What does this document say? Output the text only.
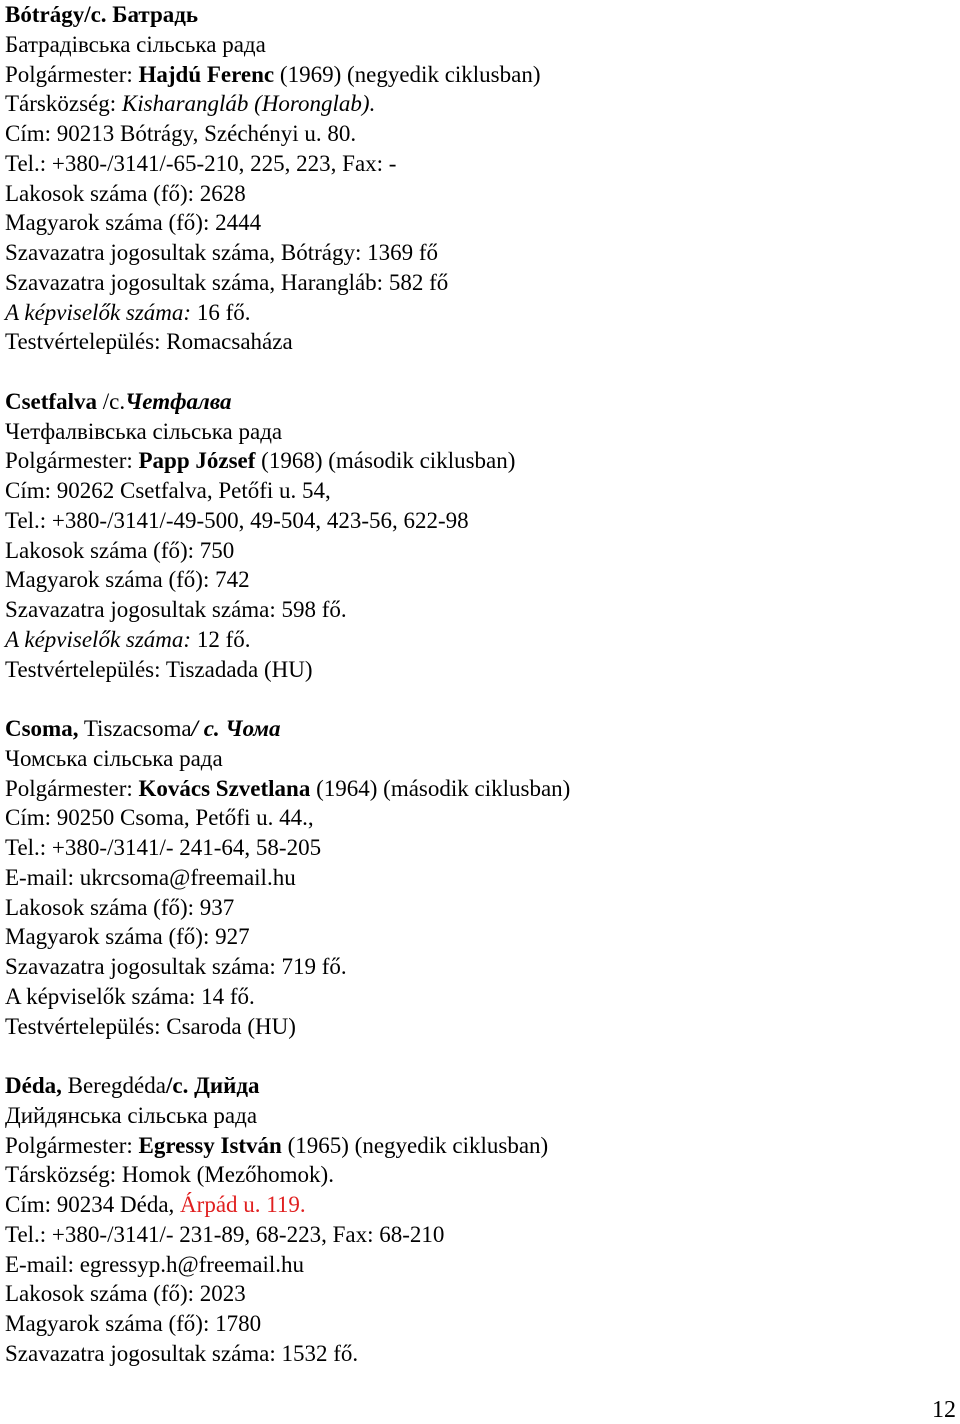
Bótrágy/c. Батрадь
Батрадівська сільська рада
Polgármester: Hajdú Ferenc (1969) (negyedik ciklusban)
Társközség: Kisharangláb (Horonglab).
Cím: 90213 Bótrágy, Széchényi u. 80.
Tel.: +380-/3141/-65-210, 225, 223, Fax: -
Lakosok száma (fő): 2628
Magyarok száma (fő): 2444
Szavazatra jogosultak száma, Bótrágy: 1369 fő
Szavazatra jogosultak száma, Harangláb: 582 fő
A képviselők száma: 16 fő.
Testvértelepülés: Romacsaháza
Csetfalva /c.Четфалва
Четфалвівська сільська рада
Polgármester: Papp József (1968) (második ciklusban)
Cím: 90262 Csetfalva, Petőfi u. 54,
Tel.: +380-/3141/-49-500, 49-504, 423-56, 622-98
Lakosok száma (fő): 750
Magyarok száma (fő): 742
Szavazatra jogosultak száma: 598 fő.
A képviselők száma: 12 fő.
Testvértelepülés: Tiszadada (HU)
Csoma, Tiszacsoma/ c. Чома
Чомська сільська рада
Polgármester: Kovács Szvetlana (1964) (második ciklusban)
Cím: 90250 Csoma, Petőfi u. 44.,
Tel.: +380-/3141/- 241-64, 58-205
E-mail: ukrcsoma@freemail.hu
Lakosok száma (fő): 937
Magyarok száma (fő): 927
Szavazatra jogosultak száma: 719 fő.
A képviselők száma: 14 fő.
Testvértelepülés: Csaroda (HU)
Déda, Beregdéda/c. Дийда
Дийдянська сільська рада
Polgármester: Egressy István (1965) (negyedik ciklusban)
Társközség: Homok (Mezőhomok).
Cím: 90234 Déda, Árpád u. 119.
Tel.: +380-/3141/- 231-89, 68-223, Fax: 68-210
E-mail: egressyp.h@freemail.hu
Lakosok száma (fő): 2023
Magyarok száma (fő): 1780
Szavazatra jogosultak száma: 1532 fő.
12
